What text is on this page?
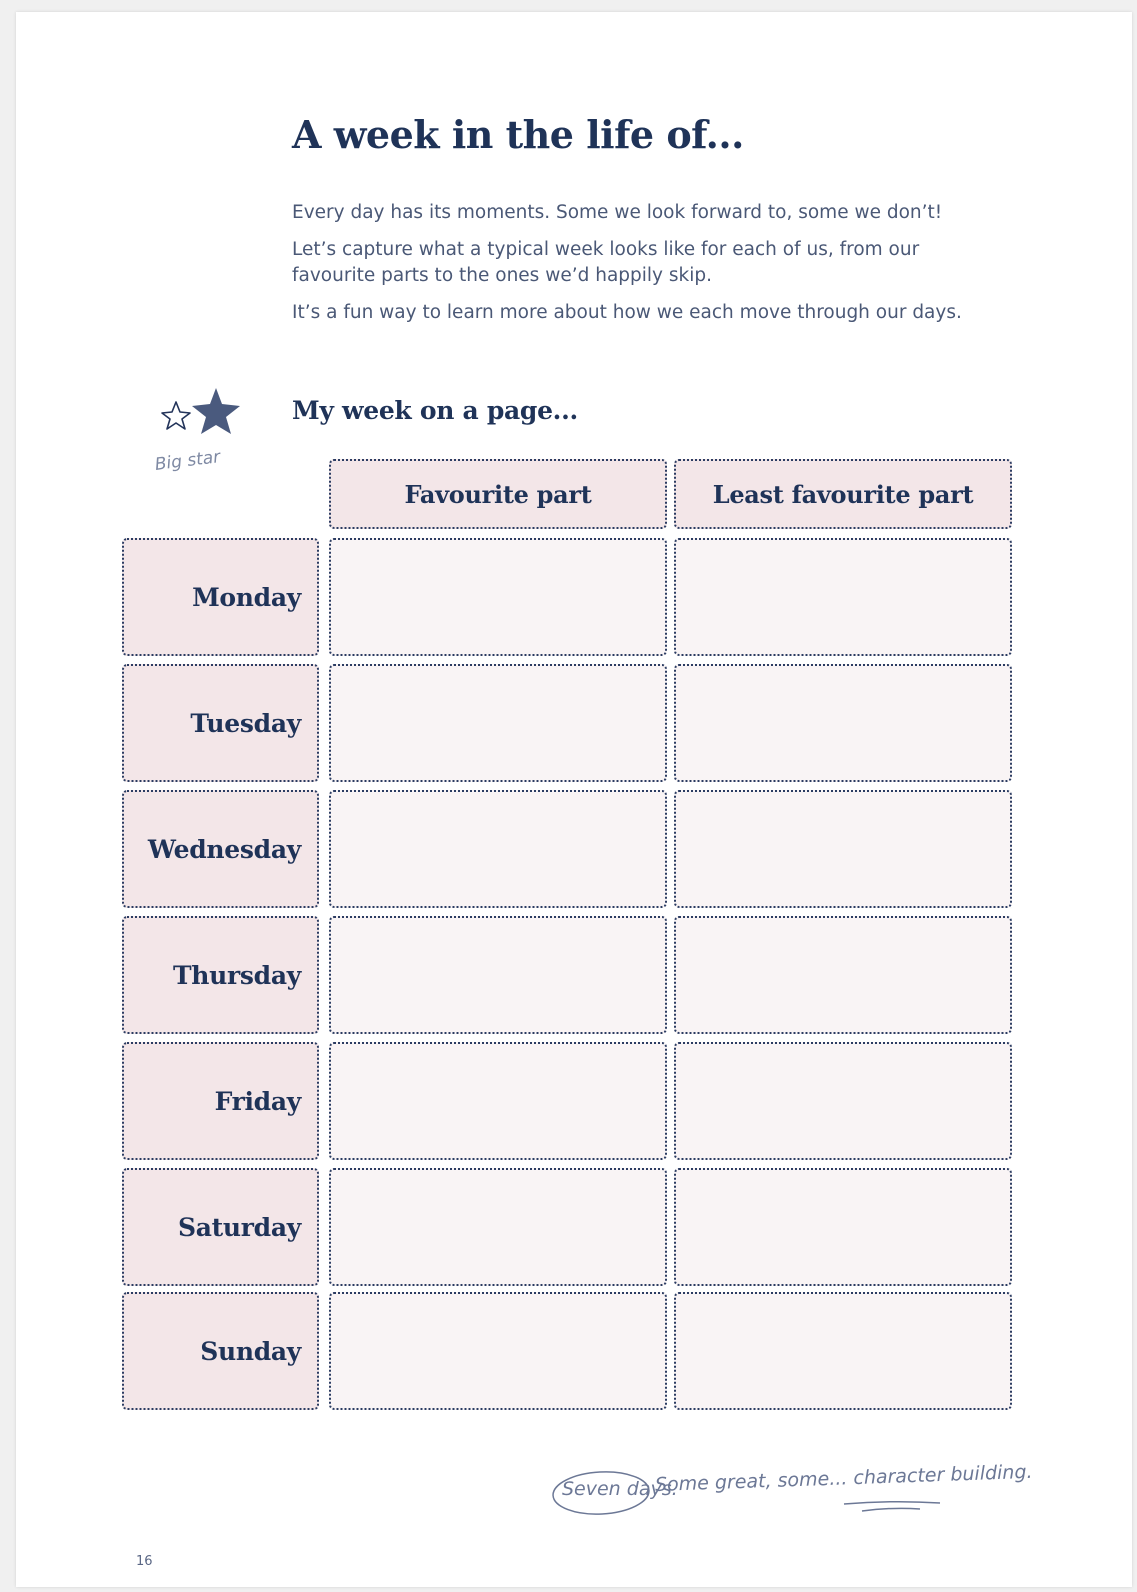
A week in the life of...

Every day has its moments. Some we look forward to, some we don’t!

Let’s capture what a typical week looks like for each of us, from our favourite parts to the ones we’d happily skip.

It’s a fun way to learn more about how we each move through our days.

Big star
My week on a page...
Favourite part	Least favourite part
Monday
Tuesday
Wednesday
Thursday
Friday
Saturday
Sunday
Seven days.
Some great, some... character building.
16
